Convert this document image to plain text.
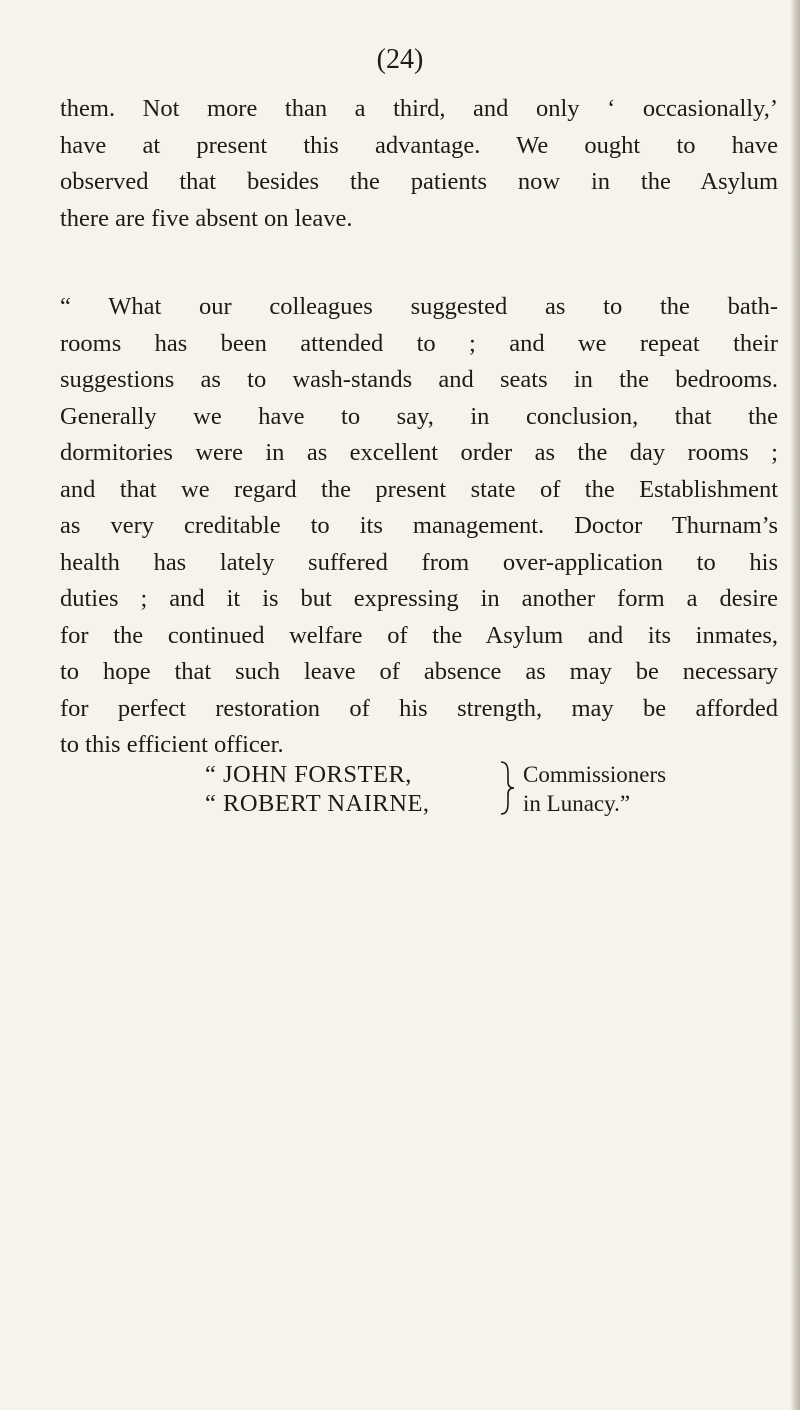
(24)
them. Not more than a third, and only ‘ occasionally,’
have at present this advantage. We ought to have
observed that besides the patients now in the Asylum
there are five absent on leave.
“ What our colleagues suggested as to the bath-
rooms has been attended to ; and we repeat their
suggestions as to wash-stands and seats in the bedrooms.
Generally we have to say, in conclusion, that the
dormitories were in as excellent order as the day rooms ;
and that we regard the present state of the Establishment
as very creditable to its management. Doctor Thurnam’s
health has lately suffered from over-application to his
duties ; and it is but expressing in another form a desire
for the continued welfare of the Asylum and its inmates,
to hope that such leave of absence as may be necessary
for perfect restoration of his strength, may be afforded
to this efficient officer.
“ JOHN FORSTER,
“ ROBERT NAIRNE,
Commissioners
in Lunacy.”
